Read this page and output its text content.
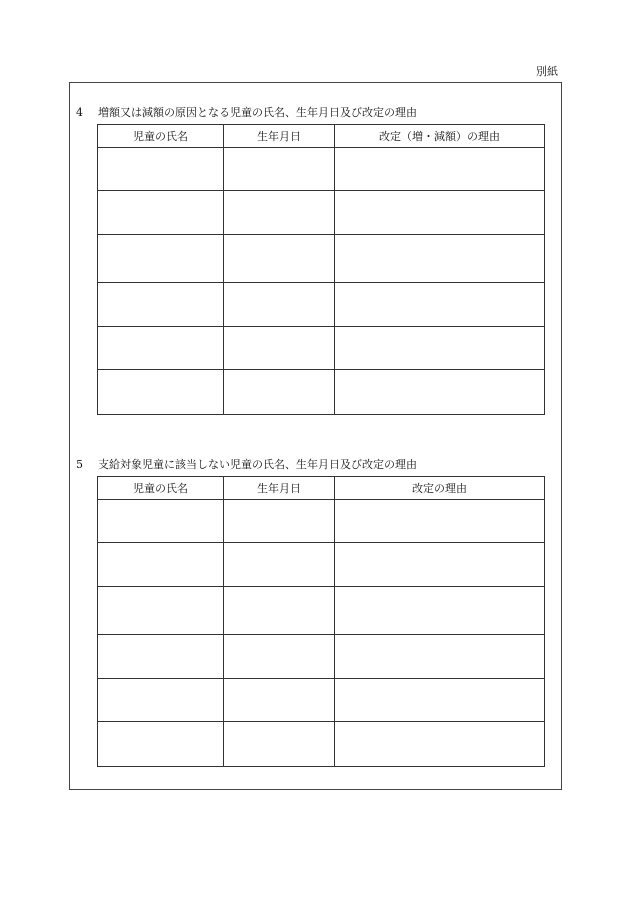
別紙
4 増額又は減額の原因となる児童の氏名、生年月日及び改定の理由
児童の氏名	生年月日	改定（増・減額）の理由

5 支給対象児童に該当しない児童の氏名、生年月日及び改定の理由
児童の氏名	生年月日	改定の理由
